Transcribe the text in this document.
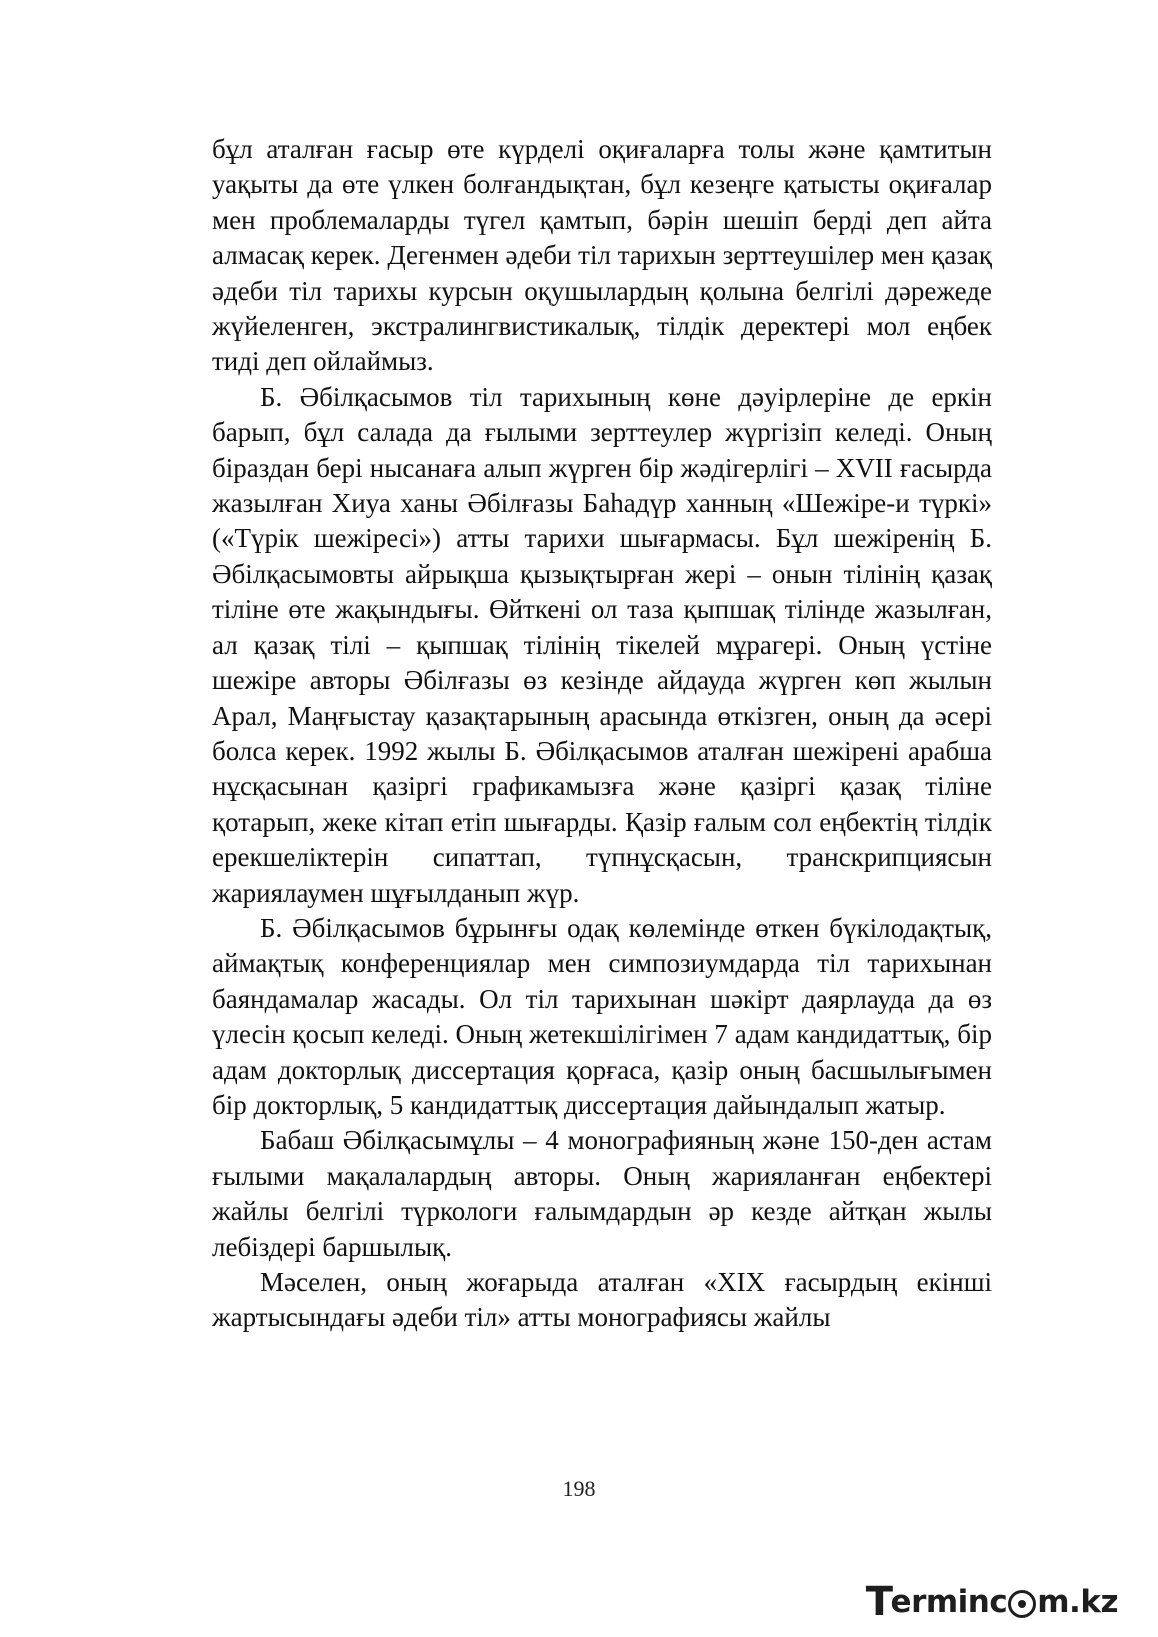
бұл аталған ғасыр өте күрделі оқиғаларға толы және қамтитын уақыты да өте үлкен болғандықтан, бұл кезеңге қатысты оқиғалар мен проблемаларды түгел қамтып, бәрін шешіп берді деп айта алмасақ керек. Дегенмен әдеби тіл тарихын зерттеушілер мен қазақ әдеби тіл тарихы курсын оқушылардың қолына белгілі дәрежеде жүйеленген, экстралингвистикалық, тілдік деректері мол еңбек тиді деп ойлаймыз.

Б. Әбілқасымов тіл тарихының көне дәуірлеріне де еркін барып, бұл салада да ғылыми зерттеулер жүргізіп келеді. Оның біраздан бері нысанаға алып жүрген бір жәдігерлігі – XVII ғасырда жазылған Хиуа ханы Әбілғазы Баһадүр ханның «Шежіре-и түркі» («Түрік шежіресі») атты тарихи шығармасы. Бұл шежіренің Б. Әбілқасымовты айрықша қызықтырған жері – онын тілінің қазақ тіліне өте жақындығы. Өйткені ол таза қыпшақ тілінде жазылған, ал қазақ тілі – қыпшақ тілінің тікелей мұрагері. Оның үстіне шежіре авторы Әбілғазы өз кезінде айдауда жүрген көп жылын Арал, Маңғыстау қазақтарының арасында өткізген, оның да әсері болса керек. 1992 жылы Б. Әбілқасымов аталған шежірені арабша нұсқасынан қазіргі графикамызға және қазіргі қазақ тіліне қотарып, жеке кітап етіп шығарды. Қазір ғалым сол еңбектің тілдік ерекшеліктерін сипаттап, түпнұсқасын, транскрипциясын жариялаумен шұғылданып жүр.

Б. Әбілқасымов бұрынғы одақ көлемінде өткен бүкілодақтық, аймақтық конференциялар мен симпозиумдарда тіл тарихынан баяндамалар жасады. Ол тіл тарихынан шәкірт даярлауда да өз үлесін қосып келеді. Оның жетекшілігімен 7 адам кандидаттық, бір адам докторлық диссертация қорғаса, қазір оның басшылығымен бір докторлық, 5 кандидаттық диссертация дайындалып жатыр.

Бабаш Әбілқасымұлы – 4 монографияның және 150-ден астам ғылыми мақалалардың авторы. Оның жарияланған еңбектері жайлы белгілі түркологи ғалымдардын әр кезде айтқан жылы лебіздері баршылық.

Мәселен, оның жоғарыда аталған «XIX ғасырдың екінші жартысындағы әдеби тіл» атты монографиясы жайлы

198
T
ermin c m.kz
